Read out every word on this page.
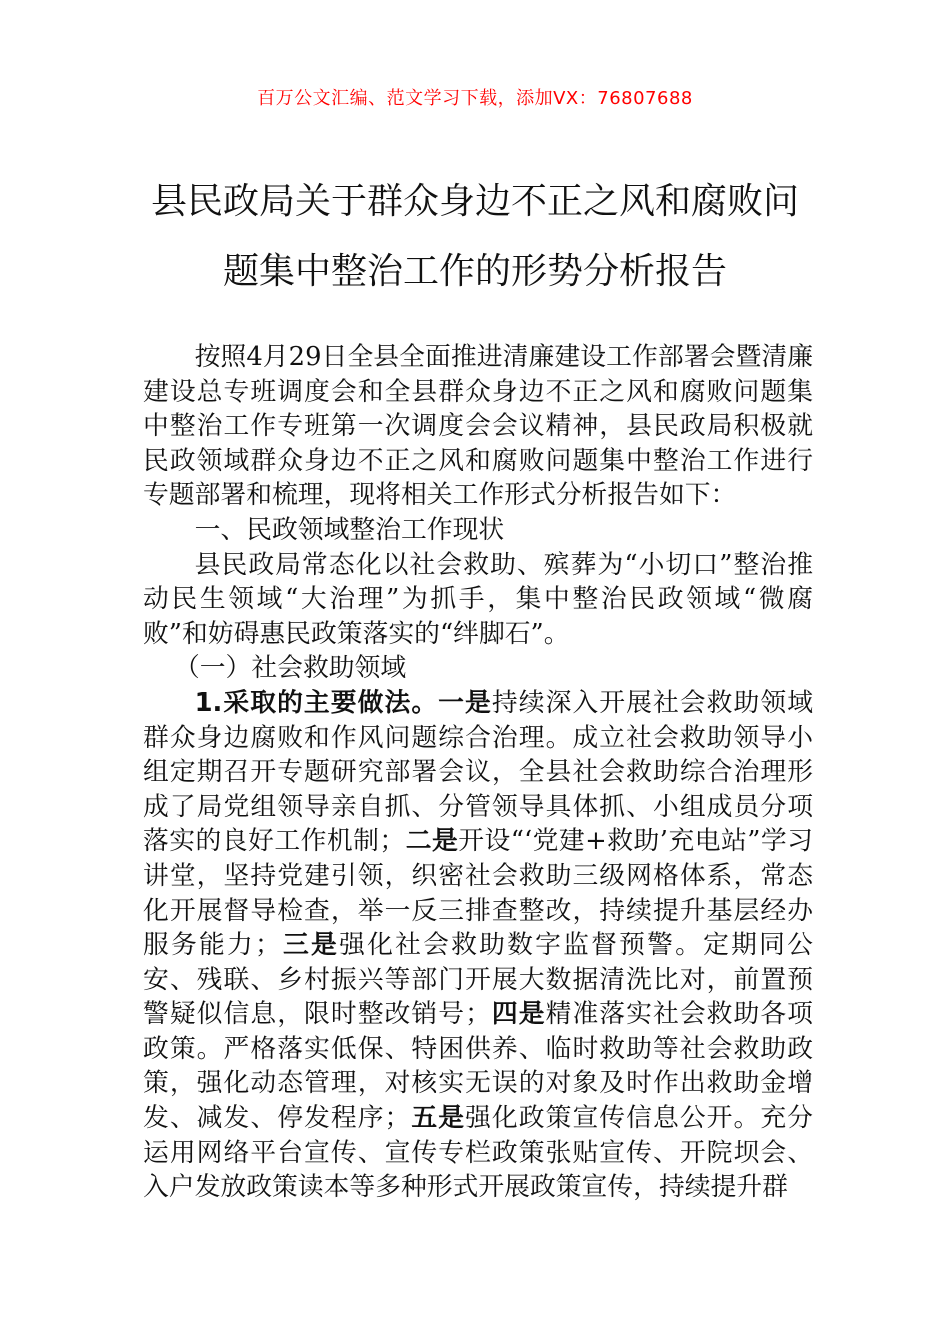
百万公文汇编、范文学习下载，添加VX：76807688
县民政局关于群众身边不正之风和腐败问
题集中整治工作的形势分析报告

按照4月29日全县全面推进清廉建设工作部署会暨清廉建设总专班调度会和全县群众身边不正之风和腐败问题集中整治工作专班第一次调度会会议精神，县民政局积极就民政领域群众身边不正之风和腐败问题集中整治工作进行专题部署和梳理，现将相关工作形式分析报告如下：

一、民政领域整治工作现状

县民政局常态化以社会救助、殡葬为“小切口”整治推动民生领域“大治理”为抓手，集中整治民政领域“微腐败”和妨碍惠民政策落实的“绊脚石”。

（一）社会救助领域

1.采取的主要做法。一是持续深入开展社会救助领域群众身边腐败和作风问题综合治理。成立社会救助领导小组定期召开专题研究部署会议，全县社会救助综合治理形成了局党组领导亲自抓、分管领导具体抓、小组成员分项落实的良好工作机制；二是开设“‘党建+救助’充电站”学习讲堂，坚持党建引领，织密社会救助三级网格体系，常态化开展督导检查，举一反三排查整改，持续提升基层经办服务能力；三是强化社会救助数字监督预警。定期同公安、残联、乡村振兴等部门开展大数据清洗比对，前置预警疑似信息，限时整改销号；四是精准落实社会救助各项政策。严格落实低保、特困供养、临时救助等社会救助政策，强化动态管理，对核实无误的对象及时作出救助金增发、减发、停发程序；五是强化政策宣传信息公开。充分运用网络平台宣传、宣传专栏政策张贴宣传、开院坝会、入户发放政策读本等多种形式开展政策宣传，持续提升群
